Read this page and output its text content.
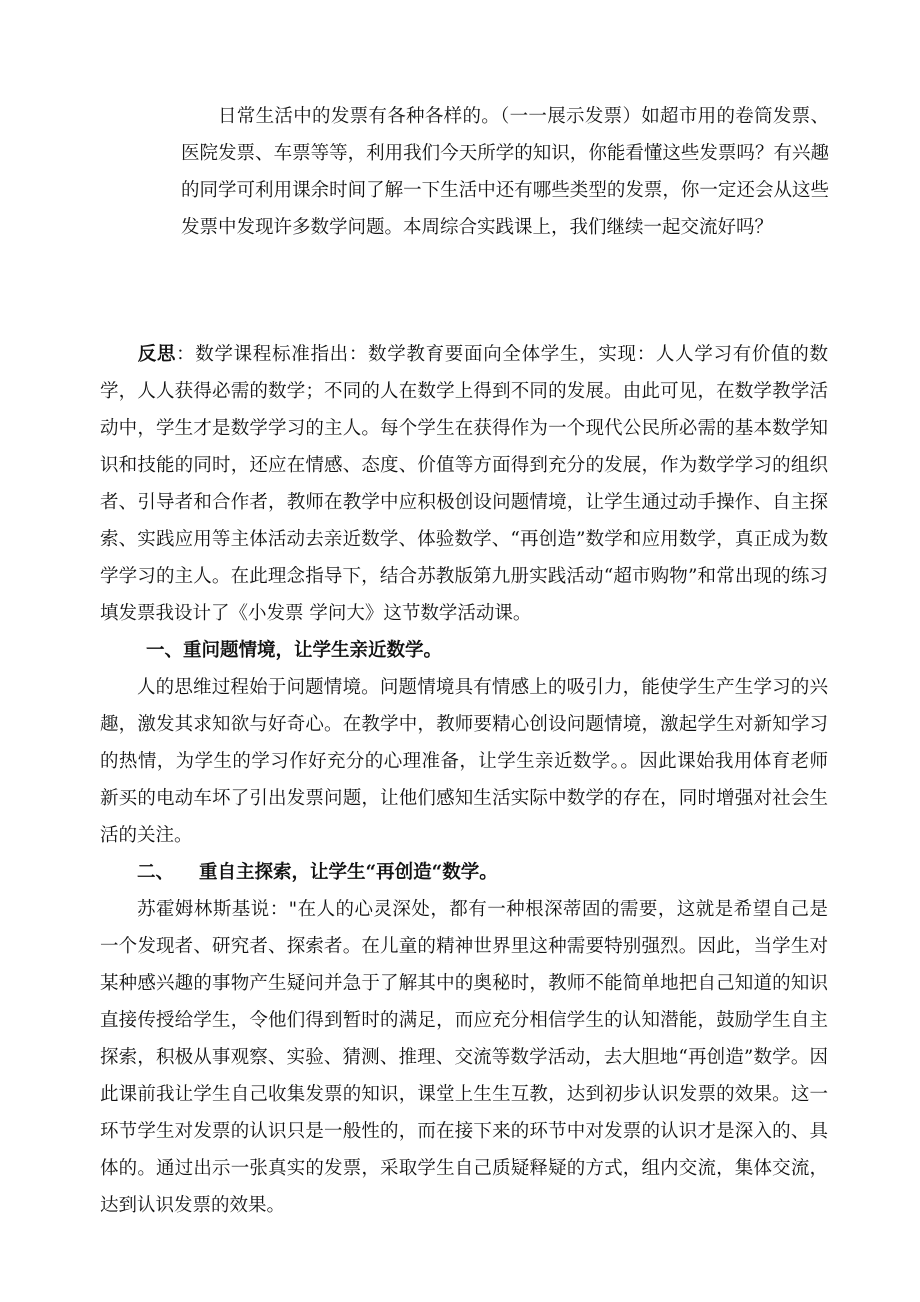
日常生活中的发票有各种各样的。（一一展示发票）如超市用的卷筒发票、医院发票、车票等等，利用我们今天所学的知识，你能看懂这些发票吗？有兴趣的同学可利用课余时间了解一下生活中还有哪些类型的发票，你一定还会从这些发票中发现许多数学问题。本周综合实践课上，我们继续一起交流好吗？

反思：数学课程标准指出：数学教育要面向全体学生，实现：人人学习有价值的数学，人人获得必需的数学；不同的人在数学上得到不同的发展。由此可见，在数学教学活动中，学生才是数学学习的主人。每个学生在获得作为一个现代公民所必需的基本数学知识和技能的同时，还应在情感、态度、价值等方面得到充分的发展，作为数学学习的组织者、引导者和合作者，教师在教学中应积极创设问题情境，让学生通过动手操作、自主探索、实践应用等主体活动去亲近数学、体验数学、“再创造”数学和应用数学，真正成为数学学习的主人。在此理念指导下，结合苏教版第九册实践活动“超市购物”和常出现的练习填发票我设计了《小发票 学问大》这节数学活动课。

一、重问题情境，让学生亲近数学。

人的思维过程始于问题情境。问题情境具有情感上的吸引力，能使学生产生学习的兴趣，激发其求知欲与好奇心。在教学中，教师要精心创设问题情境，激起学生对新知学习的热情，为学生的学习作好充分的心理准备，让学生亲近数学。。因此课始我用体育老师新买的电动车坏了引出发票问题，让他们感知生活实际中数学的存在，同时增强对社会生活的关注。

二、 重自主探索，让学生“再创造“数学。

苏霍姆林斯基说："在人的心灵深处，都有一种根深蒂固的需要，这就是希望自己是一个发现者、研究者、探索者。在儿童的精神世界里这种需要特别强烈。因此，当学生对某种感兴趣的事物产生疑问并急于了解其中的奥秘时，教师不能简单地把自己知道的知识直接传授给学生，令他们得到暂时的满足，而应充分相信学生的认知潜能，鼓励学生自主探索，积极从事观察、实验、猜测、推理、交流等数学活动，去大胆地“再创造”数学。因此课前我让学生自己收集发票的知识，课堂上生生互教，达到初步认识发票的效果。这一环节学生对发票的认识只是一般性的，而在接下来的环节中对发票的认识才是深入的、具体的。通过出示一张真实的发票，采取学生自己质疑释疑的方式，组内交流，集体交流，达到认识发票的效果。
